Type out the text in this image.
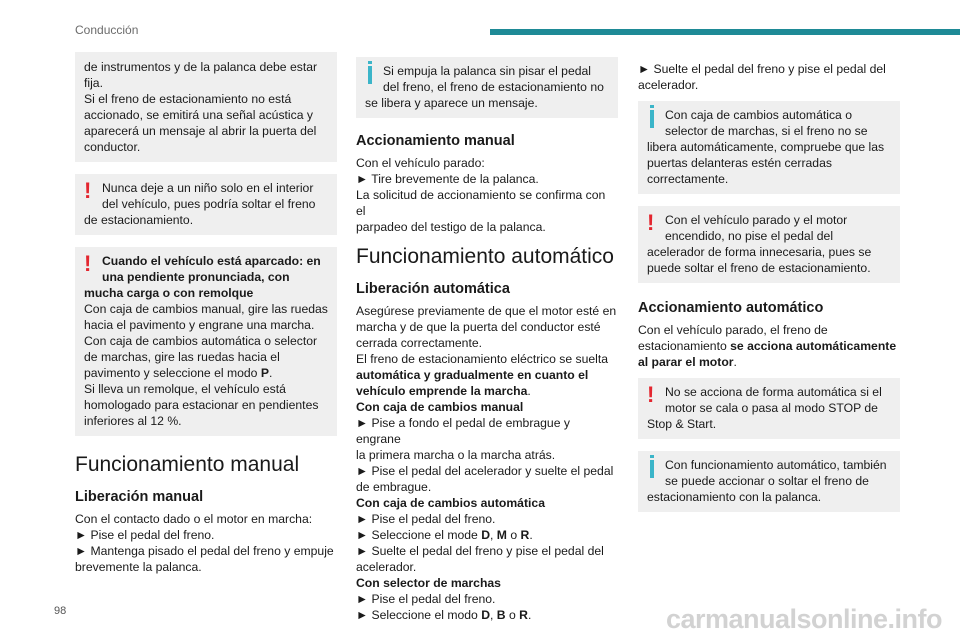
Conducción
de instrumentos y de la palanca debe estar
fija.
Si el freno de estacionamiento no está
accionado, se emitirá una señal acústica y
aparecerá un mensaje al abrir la puerta del
conductor.
! Nunca deje a un niño solo en el interior
del vehículo, pues podría soltar el freno
de estacionamiento.
! Cuando el vehículo está aparcado: en
una pendiente pronunciada, con
mucha carga o con remolque
Con caja de cambios manual, gire las ruedas
hacia el pavimento y engrane una marcha.
Con caja de cambios automática o selector
de marchas, gire las ruedas hacia el
pavimento y seleccione el modo P.
Si lleva un remolque, el vehículo está
homologado para estacionar en pendientes
inferiores al 12 %.
Funcionamiento manual
Liberación manual
Con el contacto dado o el motor en marcha:
► Pise el pedal del freno.
► Mantenga pisado el pedal del freno y empuje
brevemente la palanca.
Si empuja la palanca sin pisar el pedal
del freno, el freno de estacionamiento no
se libera y aparece un mensaje.
Accionamiento manual
Con el vehículo parado:
► Tire brevemente de la palanca.
La solicitud de accionamiento se confirma con el
parpadeo del testigo de la palanca.
Funcionamiento automático
Liberación automática
Asegúrese previamente de que el motor esté en
marcha y de que la puerta del conductor esté
cerrada correctamente.
El freno de estacionamiento eléctrico se suelta
automática y gradualmente en cuanto el
vehículo emprende la marcha.
Con caja de cambios manual
► Pise a fondo el pedal de embrague y engrane
la primera marcha o la marcha atrás.
► Pise el pedal del acelerador y suelte el pedal
de embrague.
Con caja de cambios automática
► Pise el pedal del freno.
► Seleccione el mode D, M o R.
► Suelte el pedal del freno y pise el pedal del
acelerador.
Con selector de marchas
► Pise el pedal del freno.
► Seleccione el modo D, B o R.
► Suelte el pedal del freno y pise el pedal del
acelerador.
Con caja de cambios automática o
selector de marchas, si el freno no se
libera automáticamente, compruebe que las
puertas delanteras estén cerradas
correctamente.
! Con el vehículo parado y el motor
encendido, no pise el pedal del
acelerador de forma innecesaria, pues se
puede soltar el freno de estacionamiento.
Accionamiento automático
Con el vehículo parado, el freno de
estacionamiento se acciona automáticamente
al parar el motor.
! No se acciona de forma automática si el
motor se cala o pasa al modo STOP de
Stop & Start.
Con funcionamiento automático, también
se puede accionar o soltar el freno de
estacionamiento con la palanca.
98	carmanualsonline.info
